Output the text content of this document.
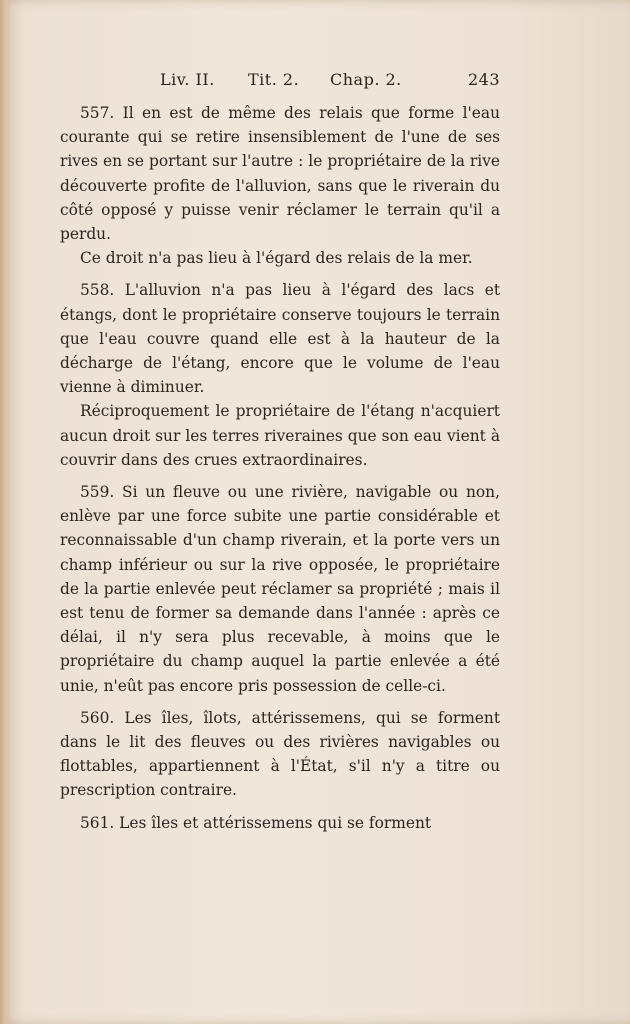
Liv. II. Tit. 2. Chap. 2.	243

557. Il en est de même des relais que forme l'eau courante qui se retire insensiblement de l'une de ses rives en se portant sur l'autre : le propriétaire de la rive découverte profite de l'alluvion, sans que le riverain du côté opposé y puisse venir réclamer le terrain qu'il a perdu.

Ce droit n'a pas lieu à l'égard des relais de la mer.

558. L'alluvion n'a pas lieu à l'égard des lacs et étangs, dont le propriétaire conserve toujours le terrain que l'eau couvre quand elle est à la hauteur de la décharge de l'étang, encore que le volume de l'eau vienne à diminuer.

Réciproquement le propriétaire de l'étang n'acquiert aucun droit sur les terres riveraines que son eau vient à couvrir dans des crues extraordinaires.

559. Si un fleuve ou une rivière, navigable ou non, enlève par une force subite une partie considérable et reconnaissable d'un champ riverain, et la porte vers un champ inférieur ou sur la rive opposée, le propriétaire de la partie enlevée peut réclamer sa propriété ; mais il est tenu de former sa demande dans l'année : après ce délai, il n'y sera plus recevable, à moins que le propriétaire du champ auquel la partie enlevée a été unie, n'eût pas encore pris possession de celle-ci.

560. Les îles, îlots, attérissemens, qui se forment dans le lit des fleuves ou des rivières navigables ou flottables, appartiennent à l'État, s'il n'y a titre ou prescription contraire.

561. Les îles et attérissemens qui se forment
